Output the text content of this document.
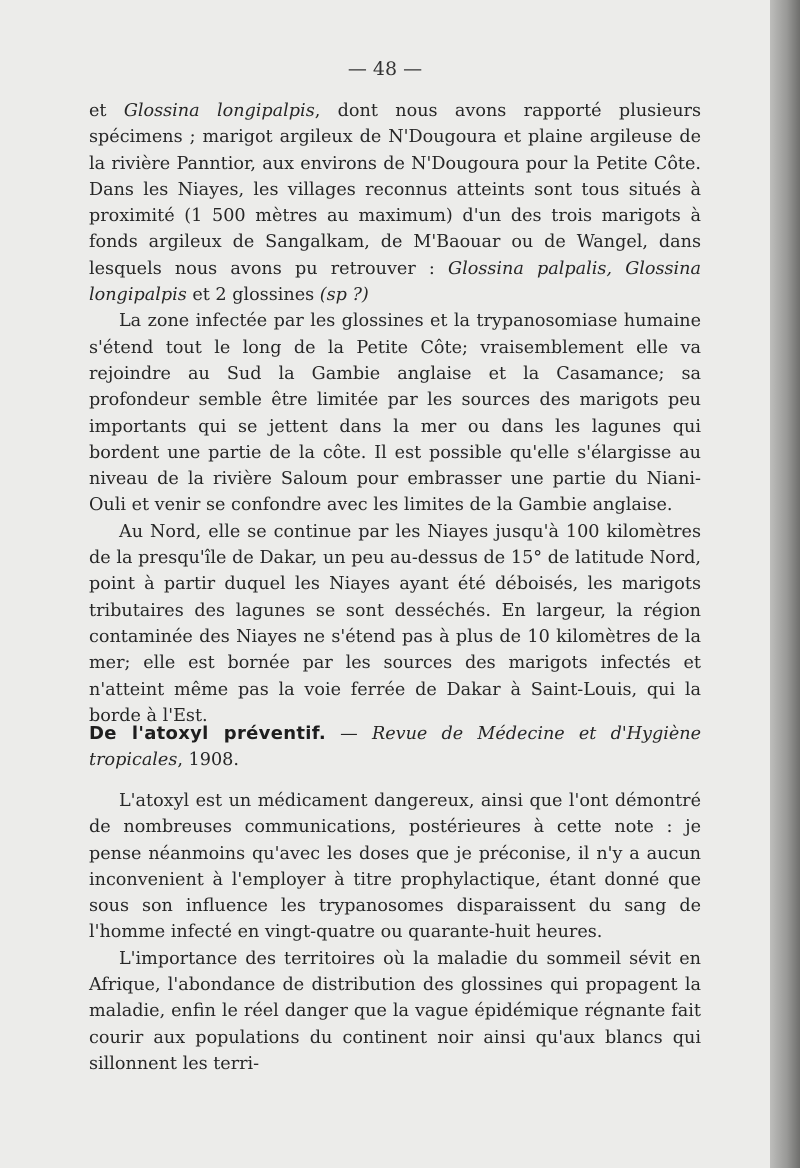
— 48 —

et Glossina longipalpis, dont nous avons rapporté plusieurs spécimens ; marigot argileux de N'Dougoura et plaine argileuse de la rivière Panntior, aux environs de N'Dougoura pour la Petite Côte. Dans les Niayes, les villages reconnus atteints sont tous situés à proximité (1 500 mètres au maximum) d'un des trois marigots à fonds argileux de Sangalkam, de M'Baouar ou de Wangel, dans lesquels nous avons pu retrouver : Glossina palpalis, Glossina longipalpis et 2 glossines (sp ?)

La zone infectée par les glossines et la trypanosomiase humaine s'étend tout le long de la Petite Côte; vraisemblement elle va rejoindre au Sud la Gambie anglaise et la Casamance; sa profondeur semble être limitée par les sources des marigots peu importants qui se jettent dans la mer ou dans les lagunes qui bordent une partie de la côte. Il est possible qu'elle s'élargisse au niveau de la rivière Saloum pour embrasser une partie du Niani-Ouli et venir se confondre avec les limites de la Gambie anglaise.

Au Nord, elle se continue par les Niayes jusqu'à 100 kilomètres de la presqu'île de Dakar, un peu au-dessus de 15° de latitude Nord, point à partir duquel les Niayes ayant été déboisés, les marigots tributaires des lagunes se sont desséchés. En largeur, la région contaminée des Niayes ne s'étend pas à plus de 10 kilomètres de la mer; elle est bornée par les sources des marigots infectés et n'atteint même pas la voie ferrée de Dakar à Saint-Louis, qui la borde à l'Est.

De l'atoxyl préventif. — Revue de Médecine et d'Hygiène tropicales, 1908.

L'atoxyl est un médicament dangereux, ainsi que l'ont démontré de nombreuses communications, postérieures à cette note : je pense néanmoins qu'avec les doses que je préconise, il n'y a aucun inconvenient à l'employer à titre prophylactique, étant donné que sous son influence les trypanosomes disparaissent du sang de l'homme infecté en vingt-quatre ou quarante-huit heures.

L'importance des territoires où la maladie du sommeil sévit en Afrique, l'abondance de distribution des glossines qui propagent la maladie, enfin le réel danger que la vague épidémique régnante fait courir aux populations du continent noir ainsi qu'aux blancs qui sillonnent les terri-
